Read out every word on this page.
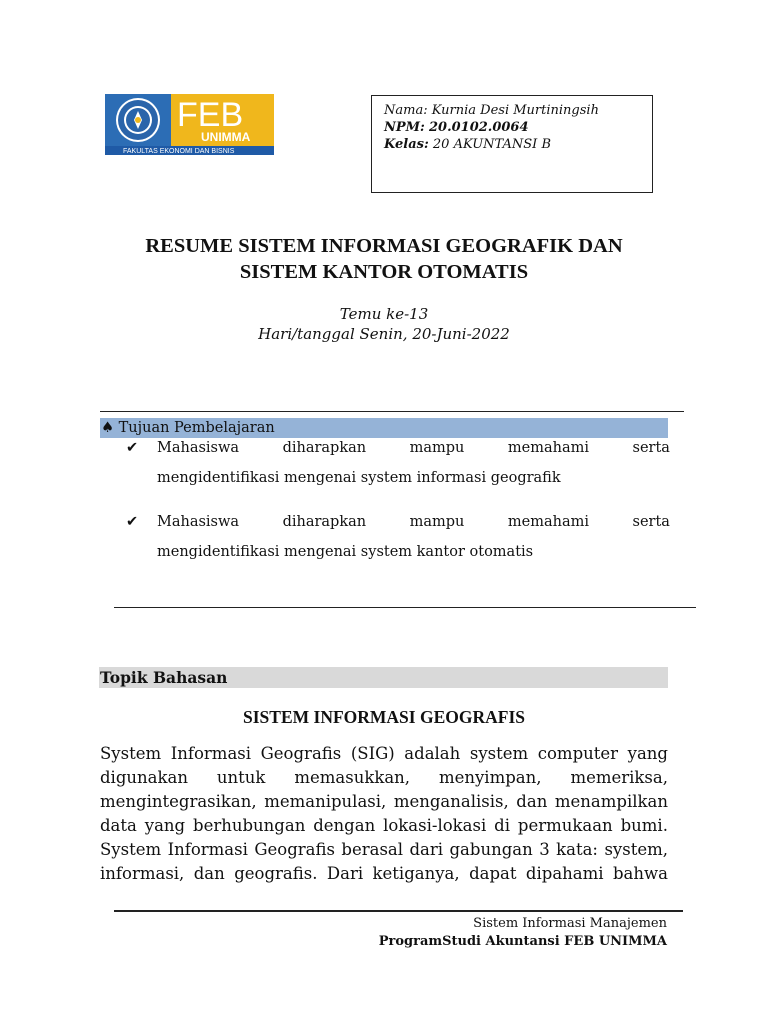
FEB
UNIMMA
FAKULTAS EKONOMI DAN BISNIS
Nama: Kurnia Desi Murtiningsih
NPM: 20.0102.0064
Kelas: 20 AKUNTANSI B
RESUME SISTEM INFORMASI GEOGRAFIK DAN
SISTEM KANTOR OTOMATIS
Temu ke-13
Hari/tanggal Senin, 20-Juni-2022
♠ Tujuan Pembelajaran
✔ Mahasiswa	diharapkan	mampu	memahami	serta
mengidentifikasi mengenai system informasi geografik
✔ Mahasiswa	diharapkan	mampu	memahami	serta
mengidentifikasi mengenai system kantor otomatis
Topik Bahasan
SISTEM INFORMASI GEOGRAFIS
System Informasi Geografis (SIG) adalah system computer yang
digunakan untuk memasukkan, menyimpan, memeriksa,
mengintegrasikan, memanipulasi, menganalisis, dan menampilkan
data yang berhubungan dengan lokasi-lokasi di permukaan bumi.
System Informasi Geografis berasal dari gabungan 3 kata: system,
informasi, dan geografis. Dari ketiganya, dapat dipahami bahwa
Sistem Informasi Manajemen
ProgramStudi Akuntansi FEB UNIMMA
